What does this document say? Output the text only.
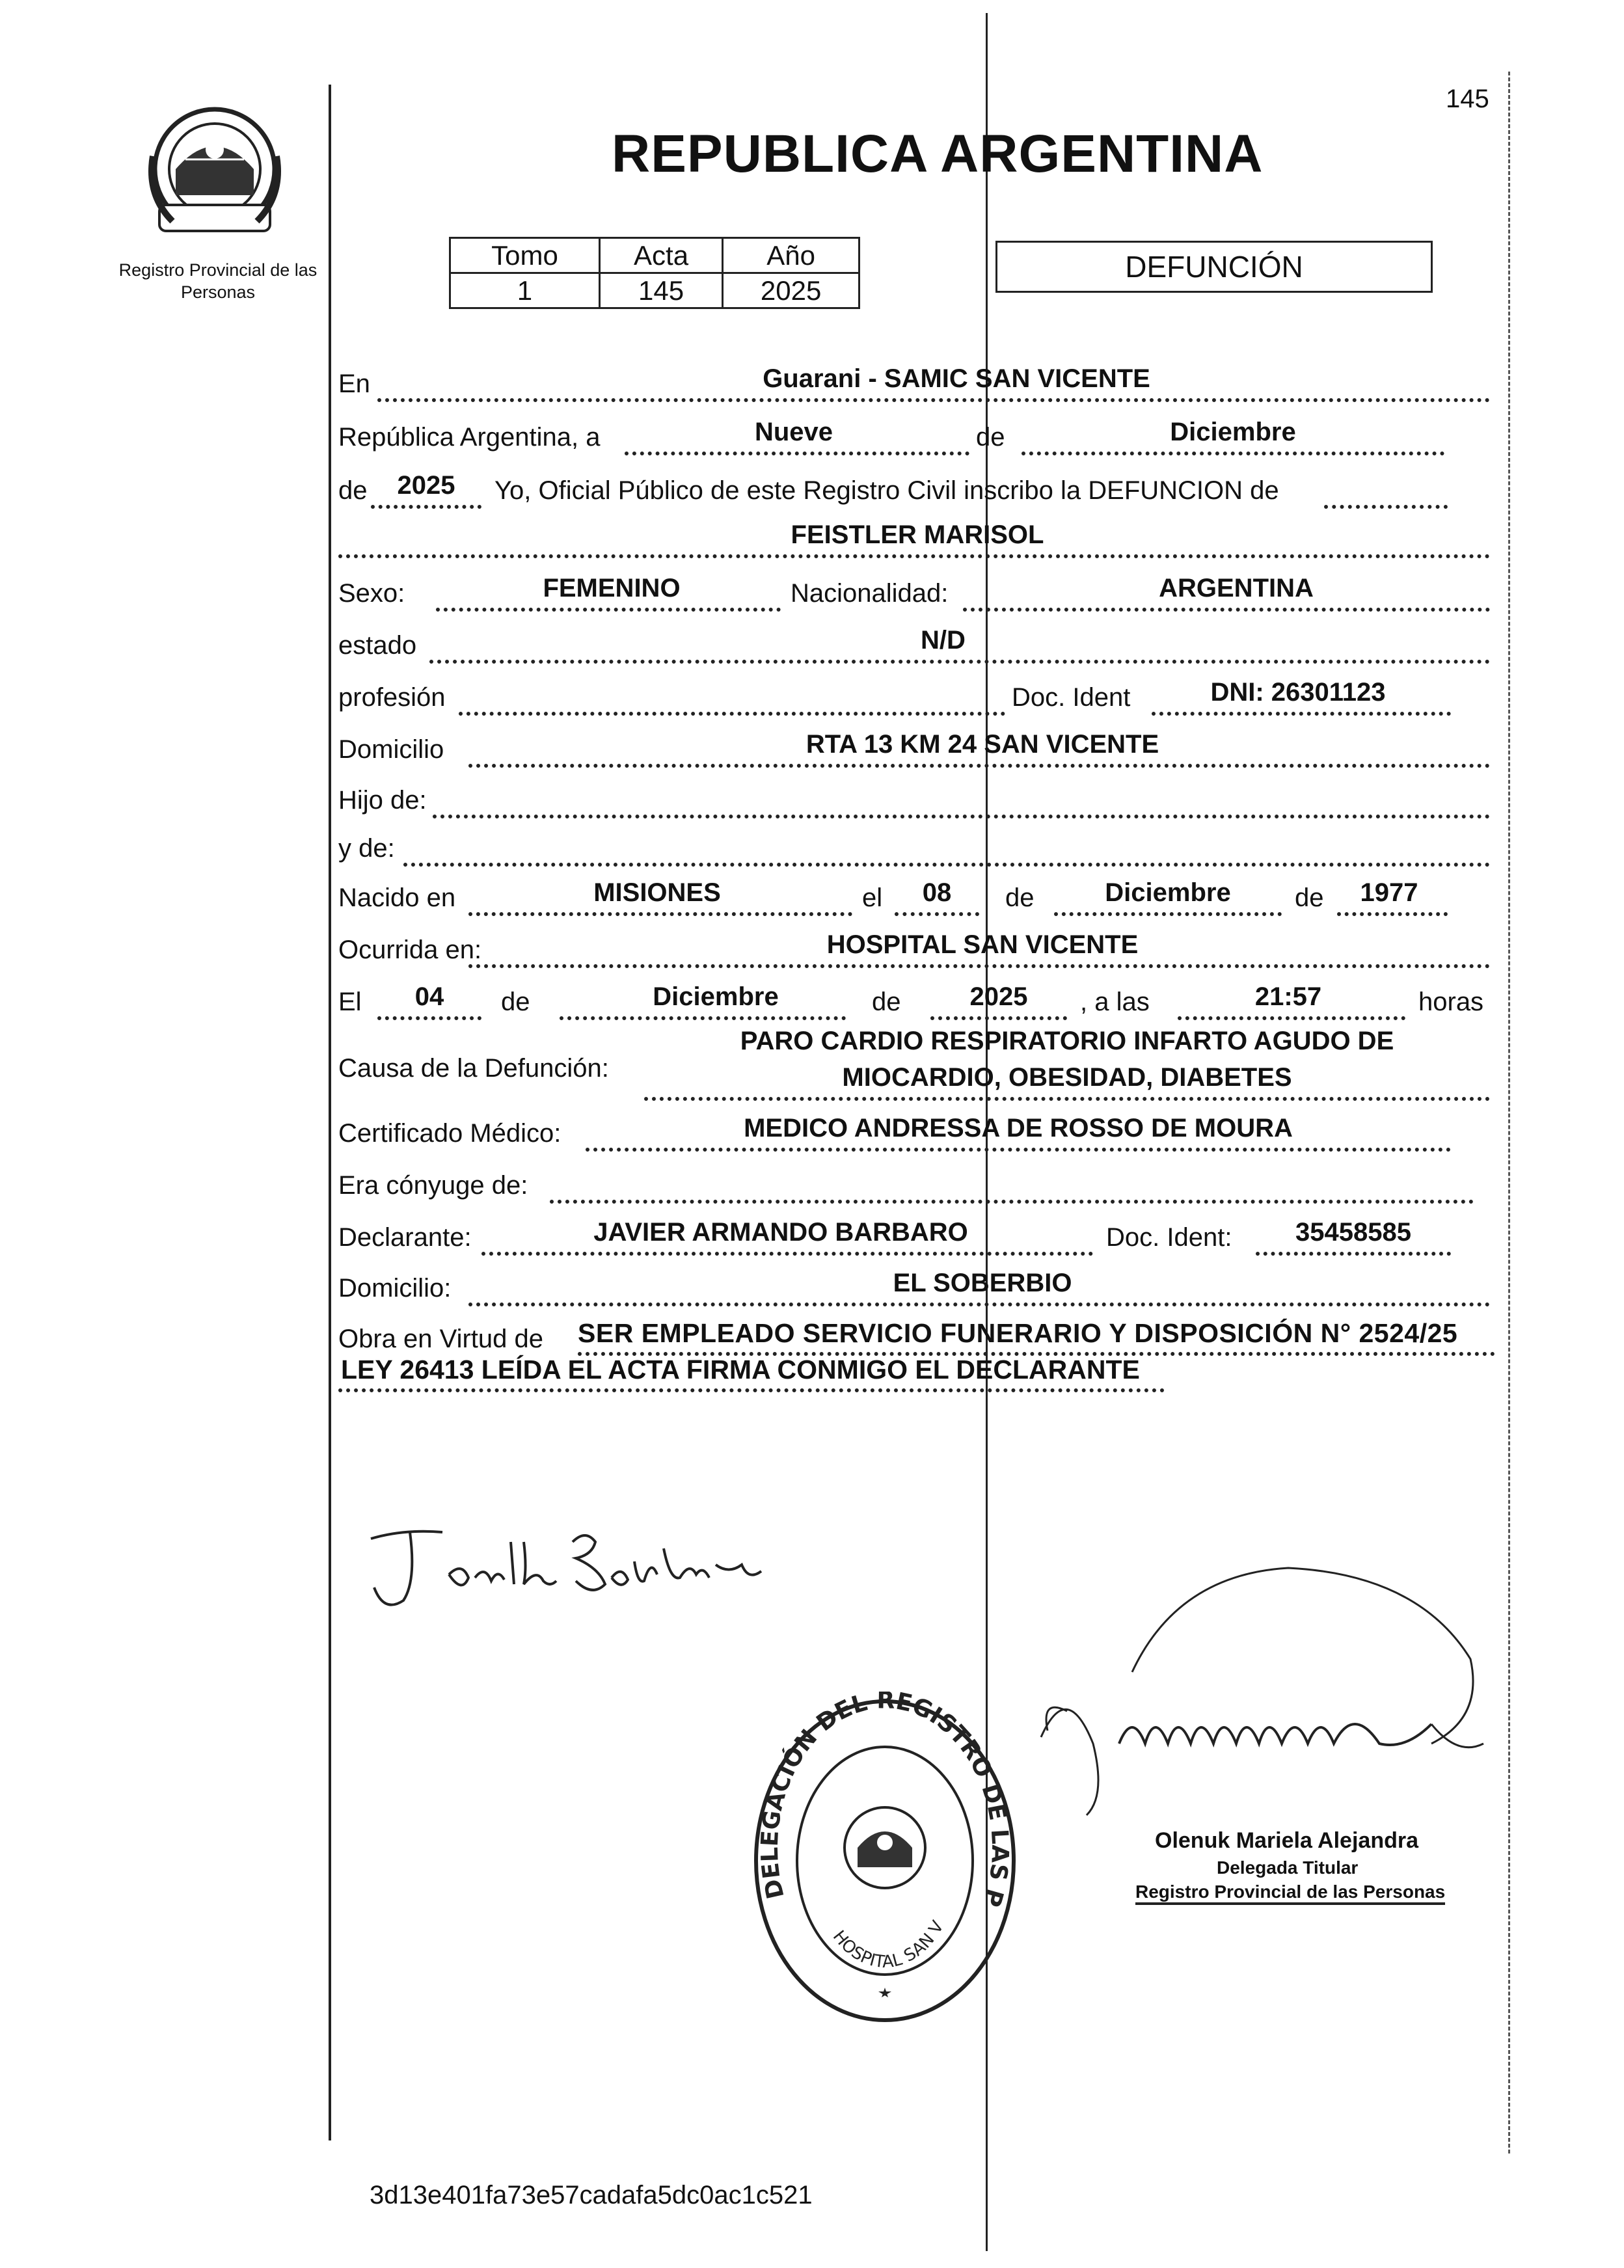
145
Registro Provincial de las Personas
REPUBLICA ARGENTINA
Tomo	Acta	Año
1	145	2025
DEFUNCIÓN
En	Guarani - SAMIC SAN VICENTE
República Argentina, a	Nueve	de	Diciembre
de	2025	Yo, Oficial Público de este Registro Civil inscribo la DEFUNCION de
FEISTLER MARISOL
Sexo:	FEMENINO	Nacionalidad:	ARGENTINA
estado	N/D
profesión	Doc. Ident	DNI: 26301123
Domicilio	RTA 13 KM 24 SAN VICENTE
Hijo de:
y de:
Nacido en	MISIONES	el	08	de	Diciembre	de	1977
Ocurrida en:	HOSPITAL SAN VICENTE
El	04	de	Diciembre	de	2025	, a las	21:57	horas
Causa de la Defunción:
PARO CARDIO RESPIRATORIO INFARTO AGUDO DE
MIOCARDIO, OBESIDAD, DIABETES
Certificado Médico:	MEDICO ANDRESSA DE ROSSO DE MOURA
Era cónyuge de:
Declarante:	JAVIER ARMANDO BARBARO	Doc. Ident:	35458585
Domicilio:	EL SOBERBIO
Obra en Virtud de SER EMPLEADO SERVICIO FUNERARIO Y DISPOSICIÓN N° 2524/25
LEY 26413 LEÍDA EL ACTA FIRMA CONMIGO EL DECLARANTE
DELEGACIÓN DEL REGISTRO DE LAS P
HOSPITAL SAN V
Olenuk Mariela Alejandra
Delegada Titular
Registro Provincial de las Personas
3d13e401fa73e57cadafa5dc0ac1c521
